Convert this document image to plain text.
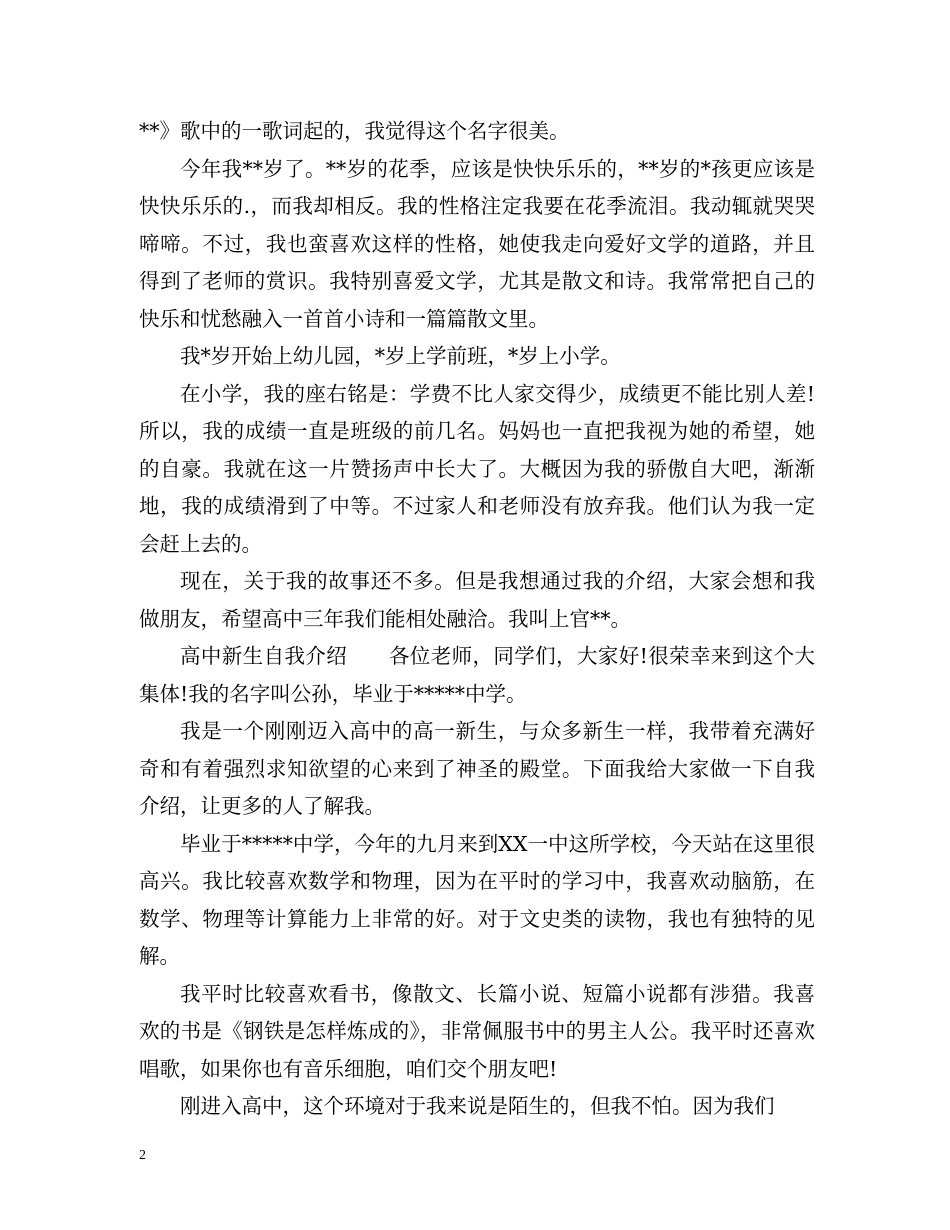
**》歌中的一歌词起的，我觉得这个名字很美。

今年我**岁了。**岁的花季，应该是快快乐乐的，**岁的*孩更应该是快快乐乐的.，而我却相反。我的性格注定我要在花季流泪。我动辄就哭哭啼啼。不过，我也蛮喜欢这样的性格，她使我走向爱好文学的道路，并且得到了老师的赏识。我特别喜爱文学，尤其是散文和诗。我常常把自己的快乐和忧愁融入一首首小诗和一篇篇散文里。

我*岁开始上幼儿园，*岁上学前班，*岁上小学。

在小学，我的座右铭是：学费不比人家交得少，成绩更不能比别人差!所以，我的成绩一直是班级的前几名。妈妈也一直把我视为她的希望，她的自豪。我就在这一片赞扬声中长大了。大概因为我的骄傲自大吧，渐渐地，我的成绩滑到了中等。不过家人和老师没有放弃我。他们认为我一定会赶上去的。

现在，关于我的故事还不多。但是我想通过我的介绍，大家会想和我做朋友，希望高中三年我们能相处融洽。我叫上官**。

高中新生自我介绍　　各位老师，同学们，大家好!很荣幸来到这个大集体!我的名字叫公孙，毕业于*****中学。

我是一个刚刚迈入高中的高一新生，与众多新生一样，我带着充满好奇和有着强烈求知欲望的心来到了神圣的殿堂。下面我给大家做一下自我介绍，让更多的人了解我。

毕业于*****中学，今年的九月来到XX一中这所学校，今天站在这里很高兴。我比较喜欢数学和物理，因为在平时的学习中，我喜欢动脑筋，在数学、物理等计算能力上非常的好。对于文史类的读物，我也有独特的见解。

我平时比较喜欢看书，像散文、长篇小说、短篇小说都有涉猎。我喜欢的书是《钢铁是怎样炼成的》，非常佩服书中的男主人公。我平时还喜欢唱歌，如果你也有音乐细胞，咱们交个朋友吧!

刚进入高中，这个环境对于我来说是陌生的，但我不怕。因为我们

2
